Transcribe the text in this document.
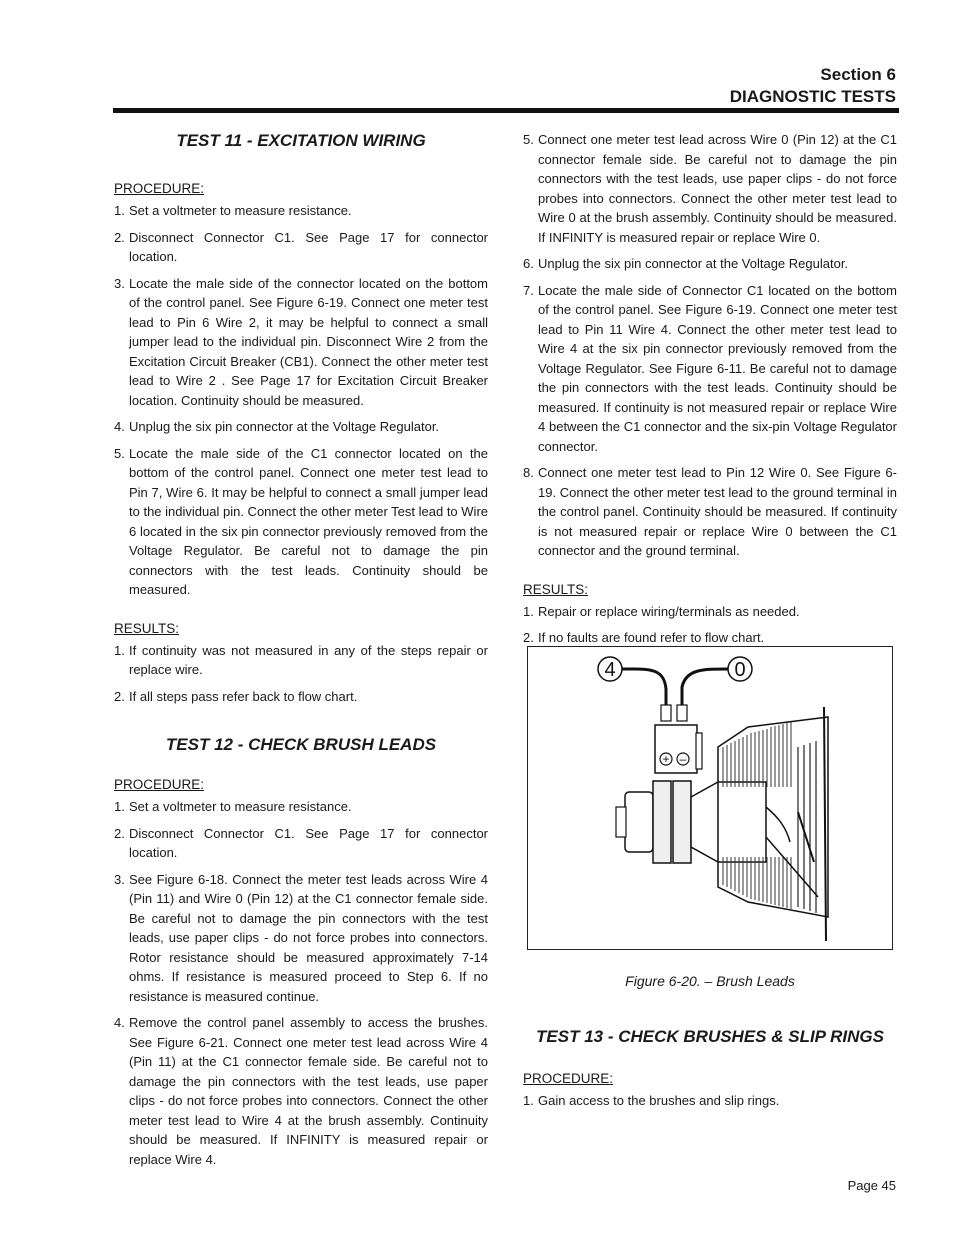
Section 6
DIAGNOSTIC TESTS
TEST 11 - EXCITATION WIRING

PROCEDURE:

1. Set a voltmeter to measure resistance.
2. Disconnect Connector C1. See Page 17 for connector location.
3. Locate the male side of the connector located on the bottom of the control panel. See Figure 6-19. Connect one meter test lead to Pin 6 Wire 2, it may be helpful to connect a small jumper lead to the individual pin. Disconnect Wire 2 from the Excitation Circuit Breaker (CB1). Connect the other meter test lead to Wire 2 . See Page 17 for Excitation Circuit Breaker location. Continuity should be measured.
4. Unplug the six pin connector at the Voltage Regulator.
5. Locate the male side of the C1 connector located on the bottom of the control panel. Connect one meter test lead to Pin 7, Wire 6. It may be helpful to connect a small jumper lead to the individual pin. Connect the other meter Test lead to Wire 6 located in the six pin connector previously removed from the Voltage Regulator. Be careful not to damage the pin connectors with the test leads. Continuity should be measured.

RESULTS:

1. If continuity was not measured in any of the steps repair or replace wire.
2. If all steps pass refer back to flow chart.
TEST 12 - CHECK BRUSH LEADS

PROCEDURE:

1. Set a voltmeter to measure resistance.
2. Disconnect Connector C1. See Page 17 for connector location.
3. See Figure 6-18. Connect the meter test leads across Wire 4 (Pin 11) and Wire 0 (Pin 12) at the C1 connector female side. Be careful not to damage the pin connectors with the test leads, use paper clips - do not force probes into connectors. Rotor resistance should be measured approximately 7-14 ohms. If resistance is measured proceed to Step 6. If no resistance is measured continue.
4. Remove the control panel assembly to access the brushes. See Figure 6-21. Connect one meter test lead across Wire 4 (Pin 11) at the C1 connector female side. Be careful not to damage the pin connectors with the test leads, use paper clips - do not force probes into connectors. Connect the other meter test lead to Wire 4 at the brush assembly. Continuity should be measured. If INFINITY is measured repair or replace Wire 4.
5. Connect one meter test lead across Wire 0 (Pin 12) at the C1 connector female side. Be careful not to damage the pin connectors with the test leads, use paper clips - do not force probes into connectors. Connect the other meter test lead to Wire 0 at the brush assembly. Continuity should be measured. If INFINITY is measured repair or replace Wire 0.
6. Unplug the six pin connector at the Voltage Regulator.
7. Locate the male side of Connector C1 located on the bottom of the control panel. See Figure 6-19. Connect one meter test lead to Pin 11 Wire 4. Connect the other meter test lead to Wire 4 at the six pin connector previously removed from the Voltage Regulator. See Figure 6-11. Be careful not to damage the pin connectors with the test leads. Continuity should be measured. If continuity is not measured repair or replace Wire 4 between the C1 connector and the six-pin Voltage Regulator connector.
8. Connect one meter test lead to Pin 12 Wire 0. See Figure 6-19. Connect the other meter test lead to the ground terminal in the control panel. Continuity should be measured. If continuity is not measured repair or replace Wire 0 between the C1 connector and the ground terminal.

RESULTS:

1. Repair or replace wiring/terminals as needed.
2. If no faults are found refer to flow chart.
4	0
+ –
Figure 6-20. – Brush Leads
TEST 13 - CHECK BRUSHES & SLIP RINGS

PROCEDURE:

1. Gain access to the brushes and slip rings.
Page 45
